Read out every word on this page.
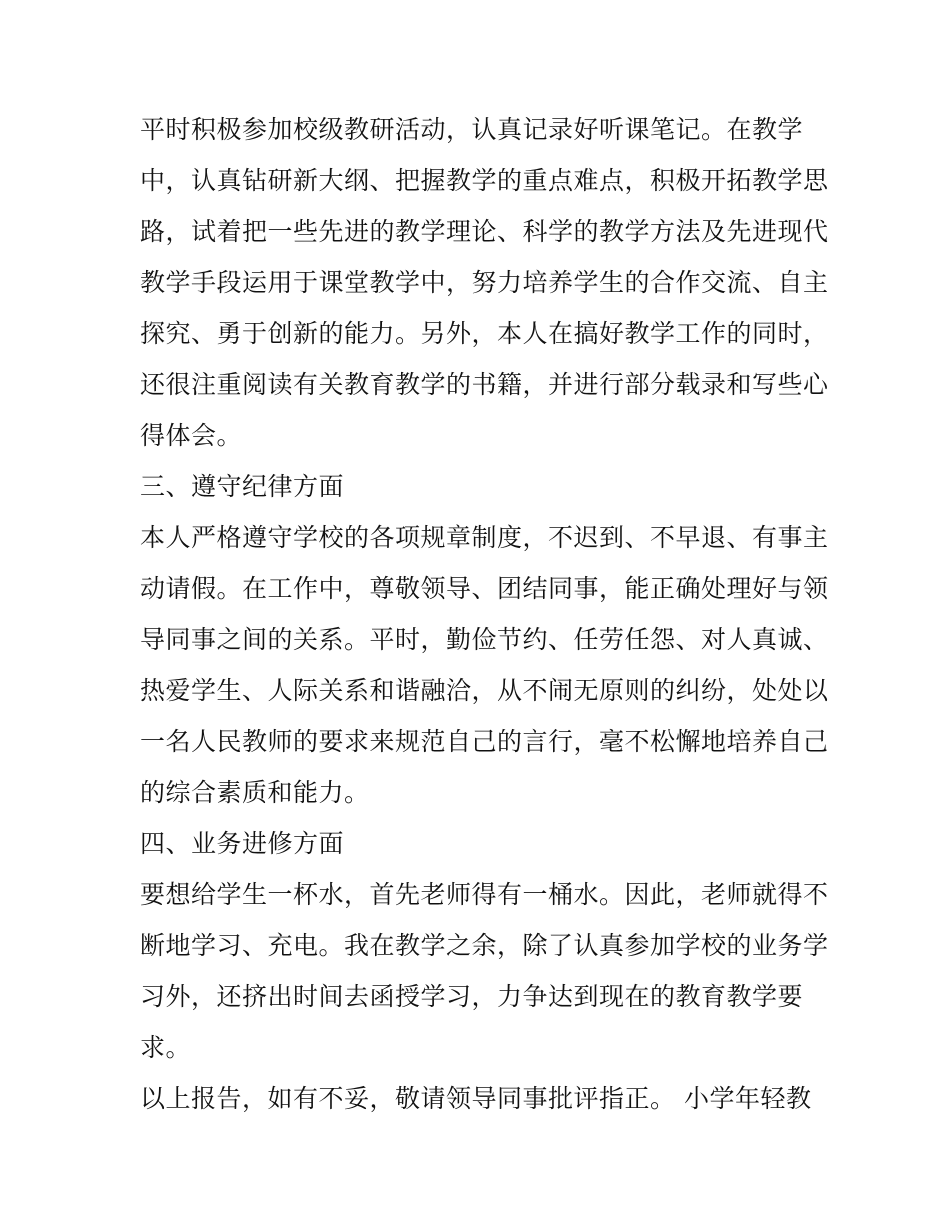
平时积极参加校级教研活动，认真记录好听课笔记。在教学
中，认真钻研新大纲、把握教学的重点难点，积极开拓教学思
路，试着把一些先进的教学理论、科学的教学方法及先进现代
教学手段运用于课堂教学中，努力培养学生的合作交流、自主
探究、勇于创新的能力。另外，本人在搞好教学工作的同时，
还很注重阅读有关教育教学的书籍，并进行部分载录和写些心
得体会。
三、遵守纪律方面
本人严格遵守学校的各项规章制度，不迟到、不早退、有事主
动请假。在工作中，尊敬领导、团结同事，能正确处理好与领
导同事之间的关系。平时，勤俭节约、任劳任怨、对人真诚、
热爱学生、人际关系和谐融洽，从不闹无原则的纠纷，处处以
一名人民教师的要求来规范自己的言行，毫不松懈地培养自己
的综合素质和能力。
四、业务进修方面
要想给学生一杯水，首先老师得有一桶水。因此，老师就得不
断地学习、充电。我在教学之余，除了认真参加学校的业务学
习外，还挤出时间去函授学习，力争达到现在的教育教学要
求。
以上报告，如有不妥，敬请领导同事批评指正。 小学年轻教
